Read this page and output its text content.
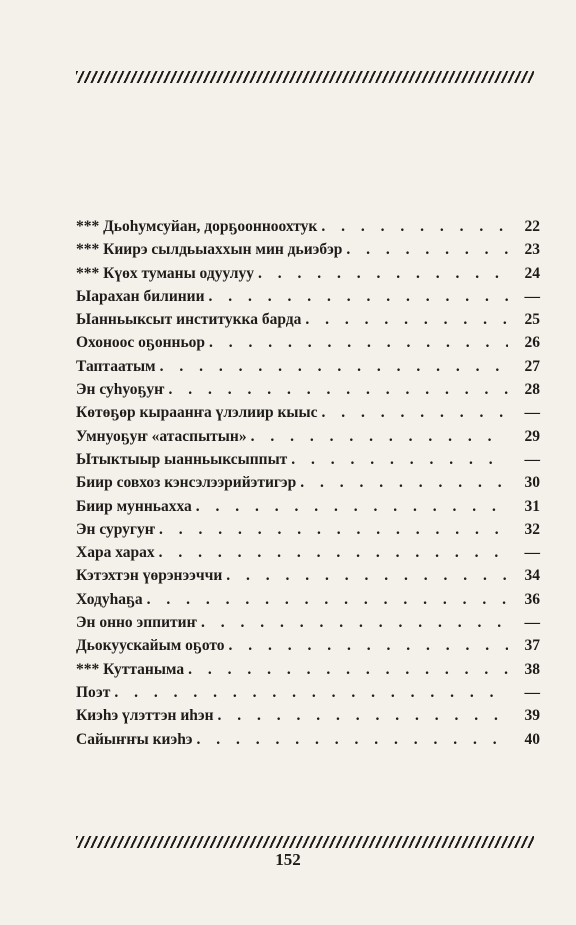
*** Дьоһумсуйан, дорҕоонноохтук . . .	22
*** Киирэ сылдьыаххын мин дьиэбэр . . .	23
*** Күөх туманы одуулуу . . .	24
Ыарахан билинии . . .	—
Ыанньыксыт институкка барда . . .	25
Охоноос оҕонньор . . .	26
Таптаатым . . .	27
Эн суһуоҕуҥ . . .	28
Көтөҕөр кыраанҥа үлэлиир кыыс . . .	—
Умнуоҕуҥ «атаспытын» . . .	29
Ытыктыыр ыанньыксыппыт . . .	—
Биир совхоз кэнсэлээрийэтигэр . . .	30
Биир мунньахха . . .	31
Эн суругуҥ . . .	32
Хара харах . . .	—
Кэтэхтэн үөрэнээччи . . .	34
Ходуһаҕа . . .	36
Эн онно эппитиҥ . . .	—
Дьокуускайым оҕото . . .	37
*** Куттаныма . . .	38
Поэт . . .	—
Киэһэ үлэттэн иһэн . . .	39
Сайыҥҥы киэһэ . . .	40
152
